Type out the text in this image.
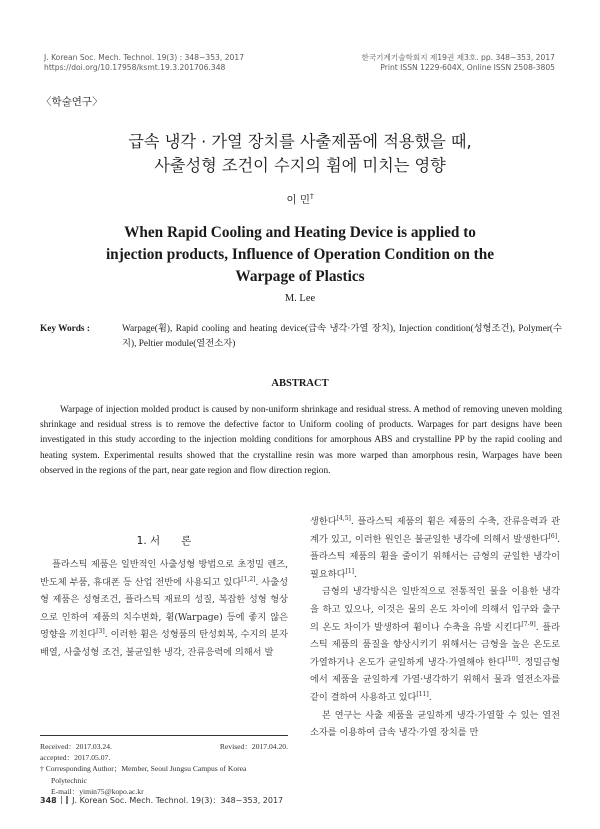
J. Korean Soc. Mech. Technol. 19(3) : 348~353, 2017
https://doi.org/10.17958/ksmt.19.3.201706.348
한국기계기술학회지 제19권 제3호. pp. 348~353, 2017
Print ISSN 1229-604X, Online ISSN 2508-3805
〈학술연구〉
급속 냉각 · 가열 장치를 사출제품에 적용했을 때,
사출성형 조건이 수지의 휨에 미치는 영향
이 민†
When Rapid Cooling and Heating Device is applied to
injection products, Influence of Operation Condition on the
Warpage of Plastics
M. Lee
Key Words :	Warpage(휨), Rapid cooling and heating device(급속 냉각·가열 장치), Injection condition(성형조건), Polymer(수지), Peltier module(열전소자)
ABSTRACT

Warpage of injection molded product is caused by non-uniform shrinkage and residual stress. A method of removing uneven molding shrinkage and residual stress is to remove the defective factor to Uniform cooling of products. Warpages for part designs have been investigated in this study according to the injection molding conditions for amorphous ABS and crystalline PP by the rapid cooling and heating system. Experimental results showed that the crystalline resin was more warped than amorphous resin, Warpages have been observed in the regions of the part, near gate region and flow direction region.

1. 서　　론

플라스틱 제품은 일반적인 사출성형 방법으로 초정밀 렌즈, 반도체 부품, 휴대폰 등 산업 전반에 사용되고 있다[1,2]. 사출성형 제품은 성형조건, 플라스틱 재료의 성질, 복잡한 성형 형상으로 인하여 제품의 치수변화, 휨(Warpage) 등에 좋지 않은 영향을 끼친다[3]. 이러한 휨은 성형품의 탄성회복, 수지의 분자배열, 사출성형 조건, 불균일한 냉각, 잔류응력에 의해서 발

생한다[4,5]. 플라스틱 제품의 휨은 제품의 수축, 잔류응력과 관계가 있고, 이러한 원인은 불균일한 냉각에 의해서 발생한다[6]. 플라스틱 제품의 휨을 줄이기 위해서는 금형의 균일한 냉각이 필요하다[1].

금형의 냉각방식은 일반적으로 전통적인 물을 이용한 냉각을 하고 있으나, 이것은 물의 온도 차이에 의해서 입구와 출구의 온도 차이가 발생하여 휨이나 수축을 유발 시킨다[7-9]. 플라스틱 제품의 품질을 향상시키기 위해서는 금형을 높은 온도로 가열하거나 온도가 균일하게 냉각·가열해야 한다[10]. 정밀금형에서 제품을 균일하게 가열·냉각하기 위해서 물과 열전소자를 같이 결하여 사용하고 있다[11].

본 연구는 사출 제품을 균일하게 냉각·가열할 수 있는 열전소자를 이용하여 급속 냉각·가열 장치를 만

Received：2017.03.24.	Revised：2017.04.20.
accepted：2017.05.07.
† Corresponding Author；Member, Seoul Jungsu Campus of Korea
Polytechnic
E-mail：yimin75@kopo.ac.kr
348 J. Korean Soc. Mech. Technol. 19(3)：348~353, 2017
